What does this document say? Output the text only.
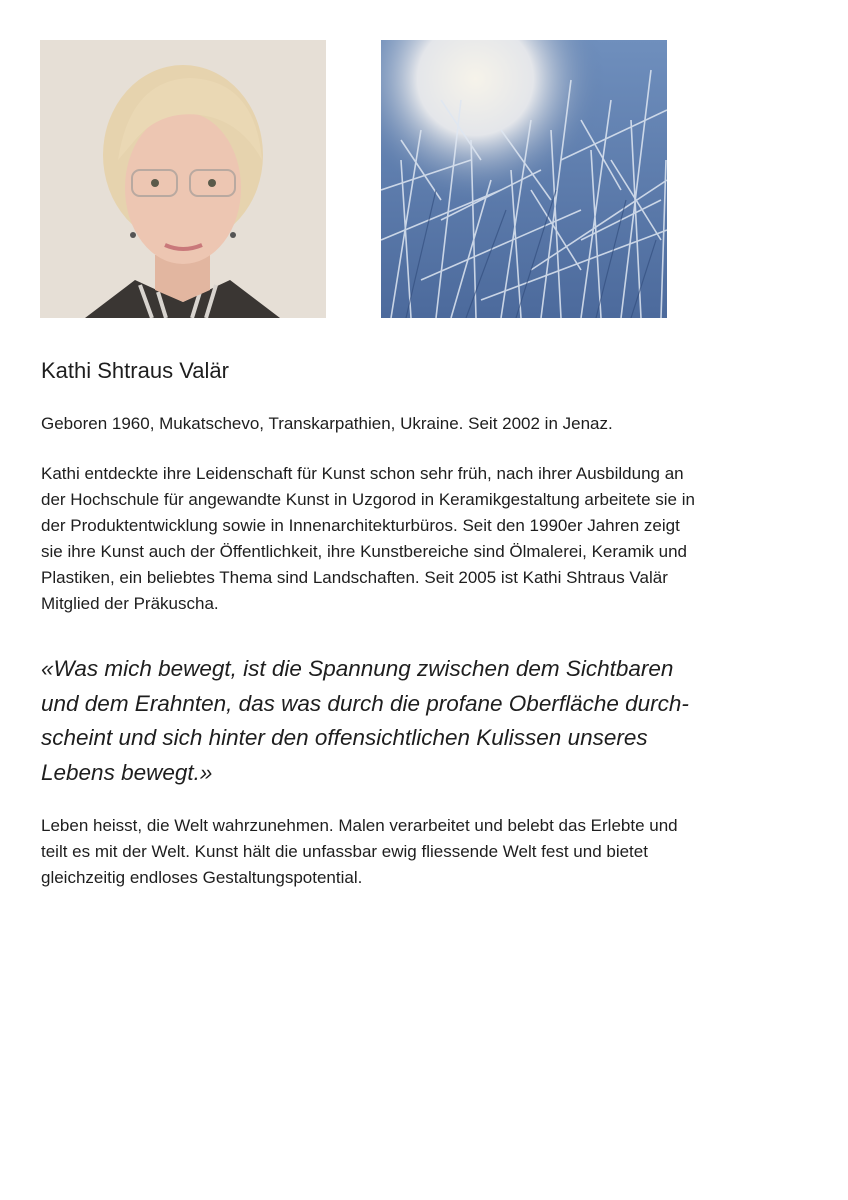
Kathi Shtraus Valär

Geboren 1960, Mukatschevo, Transkarpathien, Ukraine. Seit 2002 in Jenaz.

Kathi entdeckte ihre Leidenschaft für Kunst schon sehr früh, nach ihrer Ausbildung an
der Hochschule für angewandte Kunst in Uzgorod in Keramikgestaltung arbeitete sie in
der Produktentwicklung sowie in Innenarchitekturbüros. Seit den 1990er Jahren zeigt
sie ihre Kunst auch der Öffentlichkeit, ihre Kunstbereiche sind Ölmalerei, Keramik und
Plastiken, ein beliebtes Thema sind Landschaften. Seit 2005 ist Kathi Shtraus Valär
Mitglied der Präkuscha.

«Was mich bewegt, ist die Spannung zwischen dem Sichtbaren
und dem Erahnten, das was durch die profane Oberfläche durch-
scheint und sich hinter den offensichtlichen Kulissen unseres
Lebens bewegt.»

Leben heisst, die Welt wahrzunehmen. Malen verarbeitet und belebt das Erlebte und
teilt es mit der Welt. Kunst hält die unfassbar ewig fliessende Welt fest und bietet
gleichzeitig endloses Gestaltungspotential.
